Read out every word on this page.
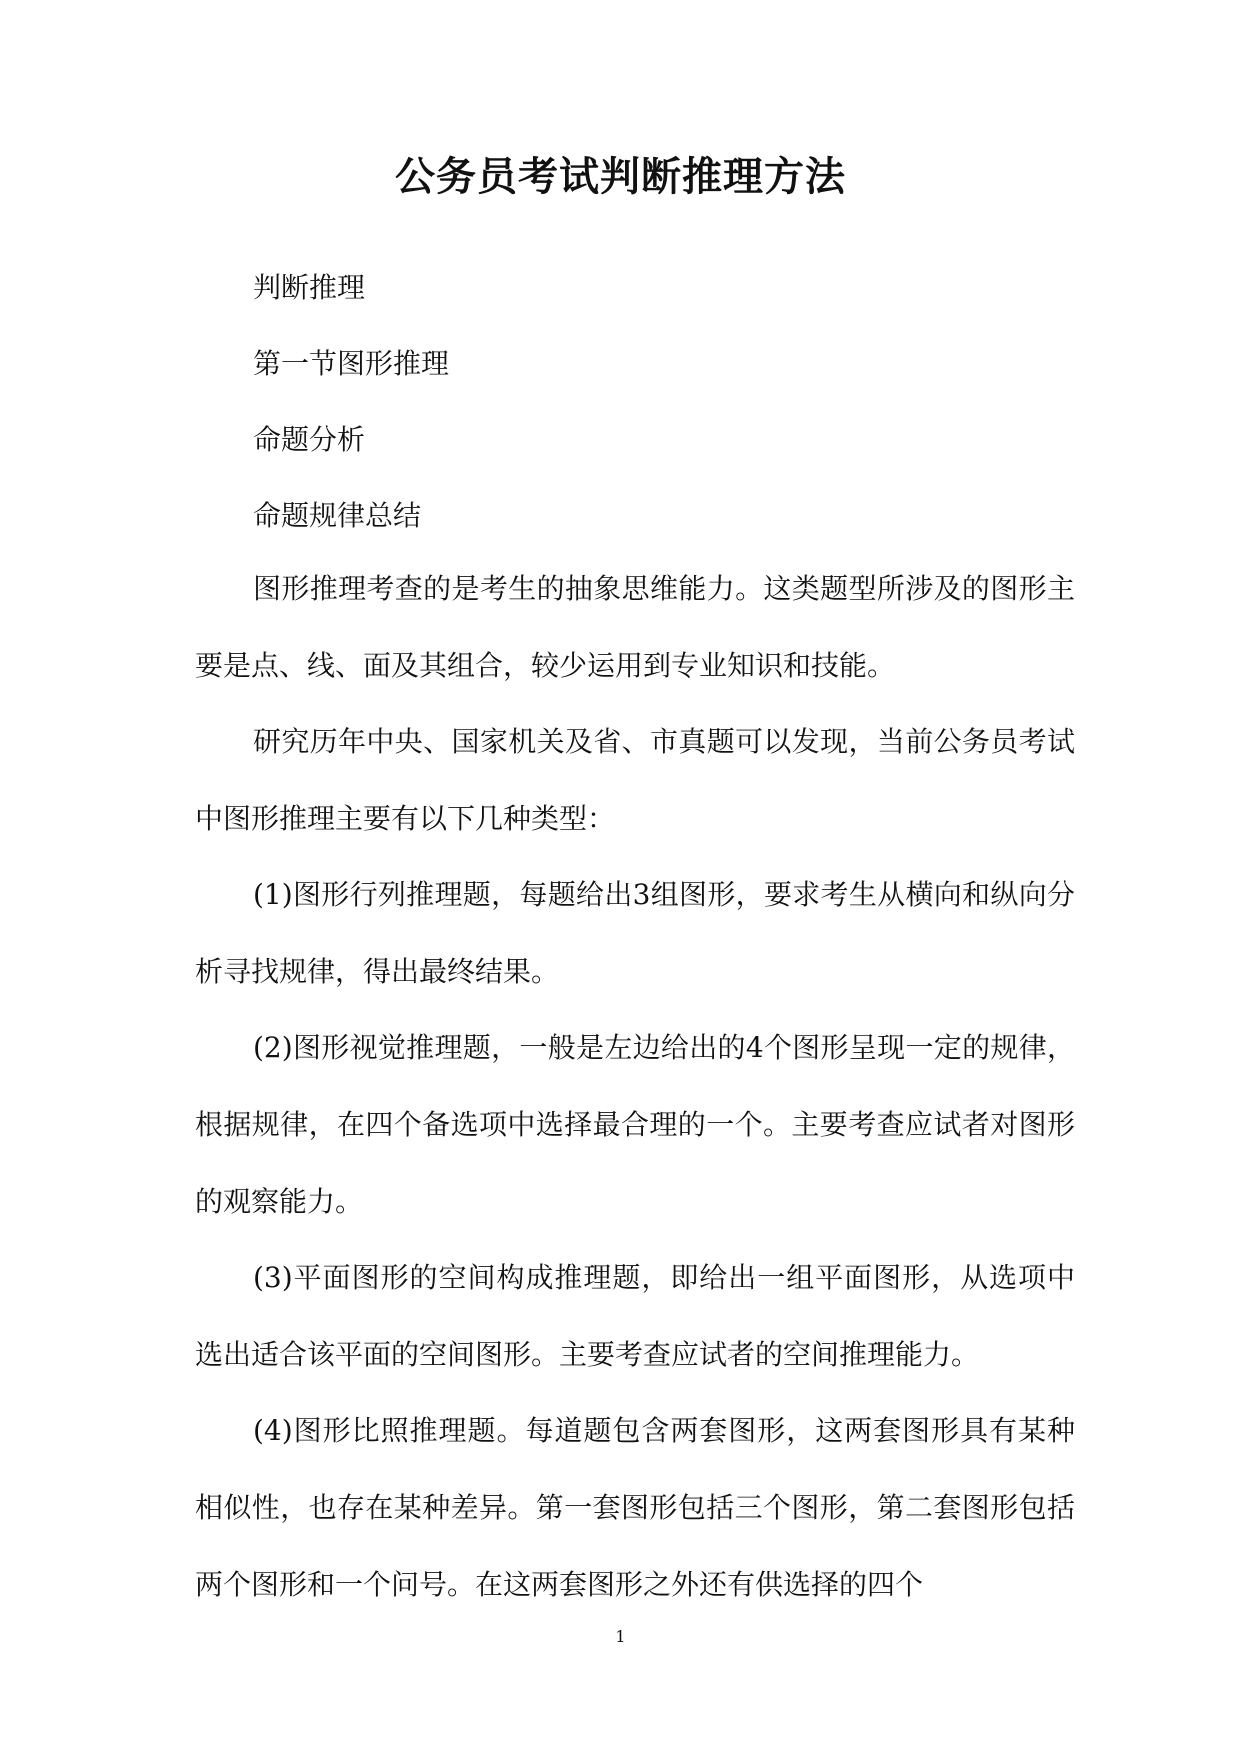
公务员考试判断推理方法
判断推理
第一节图形推理
命题分析
命题规律总结
图形推理考查的是考生的抽象思维能力。这类题型所涉及的图形主要是点、线、面及其组合，较少运用到专业知识和技能。
研究历年中央、国家机关及省、市真题可以发现，当前公务员考试中图形推理主要有以下几种类型：
(1)图形行列推理题，每题给出3组图形，要求考生从横向和纵向分析寻找规律，得出最终结果。
(2)图形视觉推理题，一般是左边给出的4个图形呈现一定的规律，根据规律，在四个备选项中选择最合理的一个。主要考查应试者对图形的观察能力。
(3)平面图形的空间构成推理题，即给出一组平面图形，从选项中选出适合该平面的空间图形。主要考查应试者的空间推理能力。
(4)图形比照推理题。每道题包含两套图形，这两套图形具有某种相似性，也存在某种差异。第一套图形包括三个图形，第二套图形包括两个图形和一个问号。在这两套图形之外还有供选择的四个
1
